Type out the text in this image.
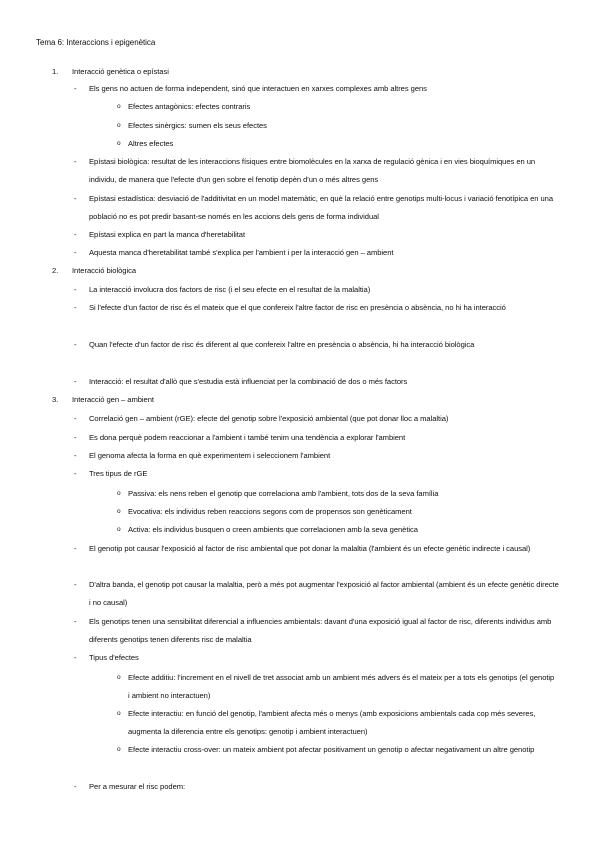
Tema 6: Interaccions i epigenètica
1. Interacció genètica o epístasi
- Els gens no actuen de forma independent, sinó que interactuen en xarxes complexes amb altres gens
o Efectes antagònics: efectes contraris
o Efectes sinèrgics: sumen els seus efectes
o Altres efectes
- Epístasi biològica: resultat de les interaccions físiques entre biomolècules en la xarxa de regulació gènica i en vies bioquímiques en un individu, de manera que l'efecte d'un gen sobre el fenotip depèn d'un o més altres gens
- Epístasi estadística: desviació de l'additivitat en un model matemàtic, en què la relació entre genotips multi-locus i variació fenotípica en una població no es pot predir basant-se només en les accions dels gens de forma individual
- Epístasi explica en part la manca d'heretabilitat
- Aquesta manca d'heretabilitat també s'explica per l'ambient i per la interacció gen – ambient
2. Interacció biològica
- La interacció involucra dos factors de risc (i el seu efecte en el resultat de la malaltia)
- Si l'efecte d'un factor de risc és el mateix que el que confereix l'altre factor de risc en presència o absència, no hi ha interacció
- Quan l'efecte d'un factor de risc és diferent al que confereix l'altre en presència o absència, hi ha interacció biològica
- Interacció: el resultat d'allò que s'estudia està influenciat per la combinació de dos o més factors
3. Interacció gen – ambient
- Correlació gen – ambient (rGE): efecte del genotip sobre l'exposició ambiental (que pot donar lloc a malaltia)
- Es dona perquè podem reaccionar a l'ambient i també tenim una tendència a explorar l'ambient
- El genoma afecta la forma en què experimentem i seleccionem l'ambient
- Tres tipus de rGE
o Passiva: els nens reben el genotip que correlaciona amb l'ambient, tots dos de la seva família
o Evocativa: els individus reben reaccions segons com de propensos son genèticament
o Activa: els individus busquen o creen ambients que correlacionen amb la seva genètica
- El genotip pot causar l'exposició al factor de risc ambiental que pot donar la malaltia (l'ambient és un efecte genètic indirecte i causal)
- D'altra banda, el genotip pot causar la malaltia, però a més pot augmentar l'exposició al factor ambiental (ambient és un efecte genètic directe i no causal)
- Els genotips tenen una sensibilitat diferencial a influencies ambientals: davant d'una exposició igual al factor de risc, diferents individus amb diferents genotips tenen diferents risc de malaltia
- Tipus d'efectes
o Efecte additiu: l'increment en el nivell de tret associat amb un ambient més advers és el mateix per a tots els genotips (el genotip i ambient no interactuen)
o Efecte interactiu: en funció del genotip, l'ambient afecta més o menys (amb exposicions ambientals cada cop més severes, augmenta la diferencia entre els genotips: genotip i ambient interactuen)
o Efecte interactiu cross-over: un mateix ambient pot afectar positivament un genotip o afectar negativament un altre genotip
- Per a mesurar el risc podem:
